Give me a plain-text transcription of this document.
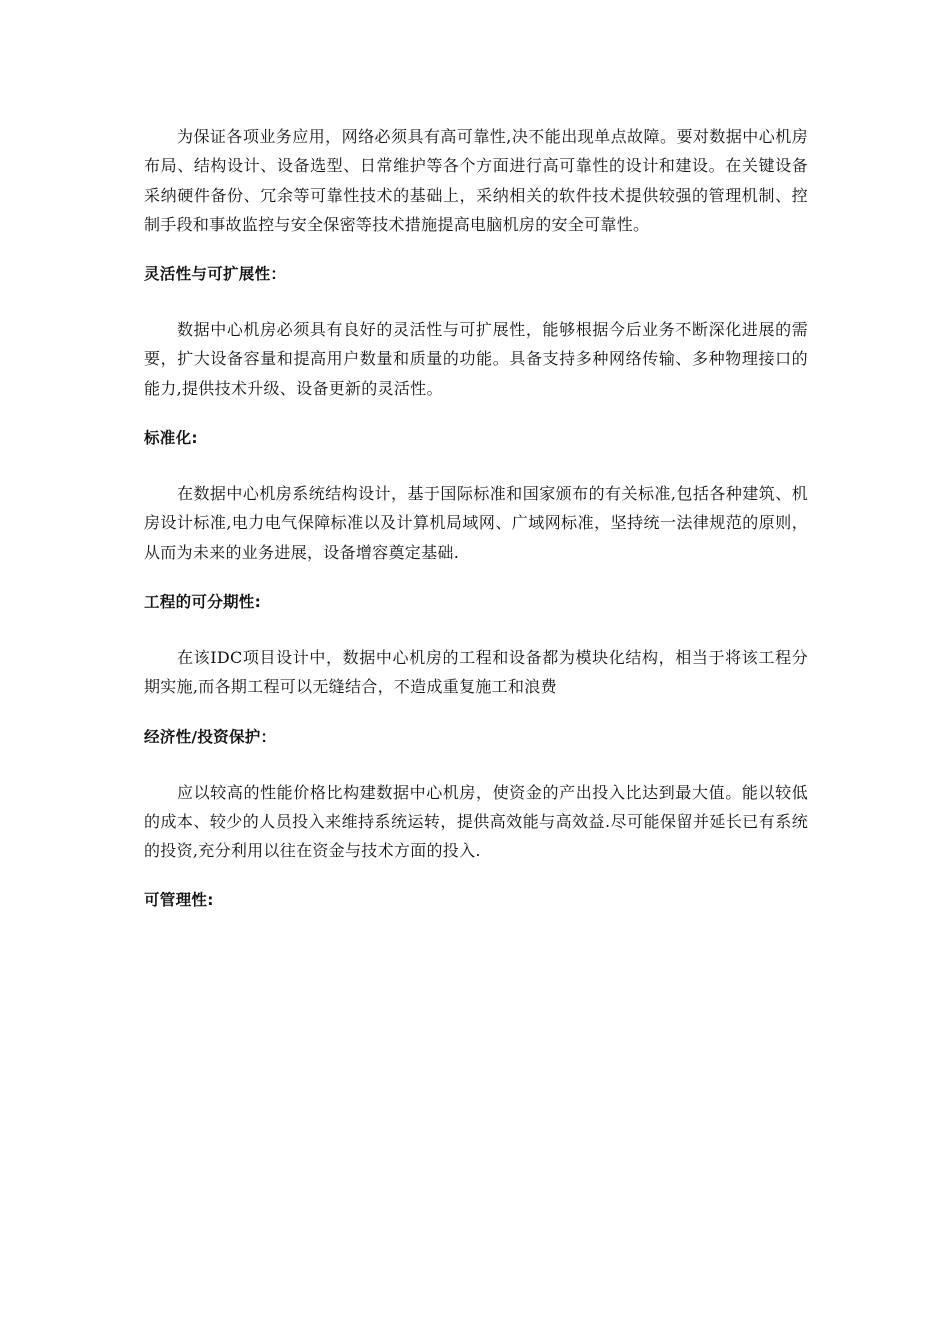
为保证各项业务应用，网络必须具有高可靠性,决不能出现单点故障。要对数据中心机房布局、结构设计、设备选型、日常维护等各个方面进行高可靠性的设计和建设。在关键设备采纳硬件备份、冗余等可靠性技术的基础上，采纳相关的软件技术提供较强的管理机制、控制手段和事故监控与安全保密等技术措施提高电脑机房的安全可靠性。

灵活性与可扩展性：

数据中心机房必须具有良好的灵活性与可扩展性，能够根据今后业务不断深化进展的需要，扩大设备容量和提高用户数量和质量的功能。具备支持多种网络传输、多种物理接口的能力,提供技术升级、设备更新的灵活性。

标准化:

在数据中心机房系统结构设计，基于国际标准和国家颁布的有关标准,包括各种建筑、机房设计标准,电力电气保障标准以及计算机局域网、广域网标准，坚持统一法律规范的原则，从而为未来的业务进展，设备增容奠定基础.

工程的可分期性:

在该IDC项目设计中，数据中心机房的工程和设备都为模块化结构，相当于将该工程分期实施,而各期工程可以无缝结合，不造成重复施工和浪费

经济性/投资保护：

应以较高的性能价格比构建数据中心机房，使资金的产出投入比达到最大值。能以较低的成本、较少的人员投入来维持系统运转，提供高效能与高效益.尽可能保留并延长已有系统的投资,充分利用以往在资金与技术方面的投入.

可管理性:
